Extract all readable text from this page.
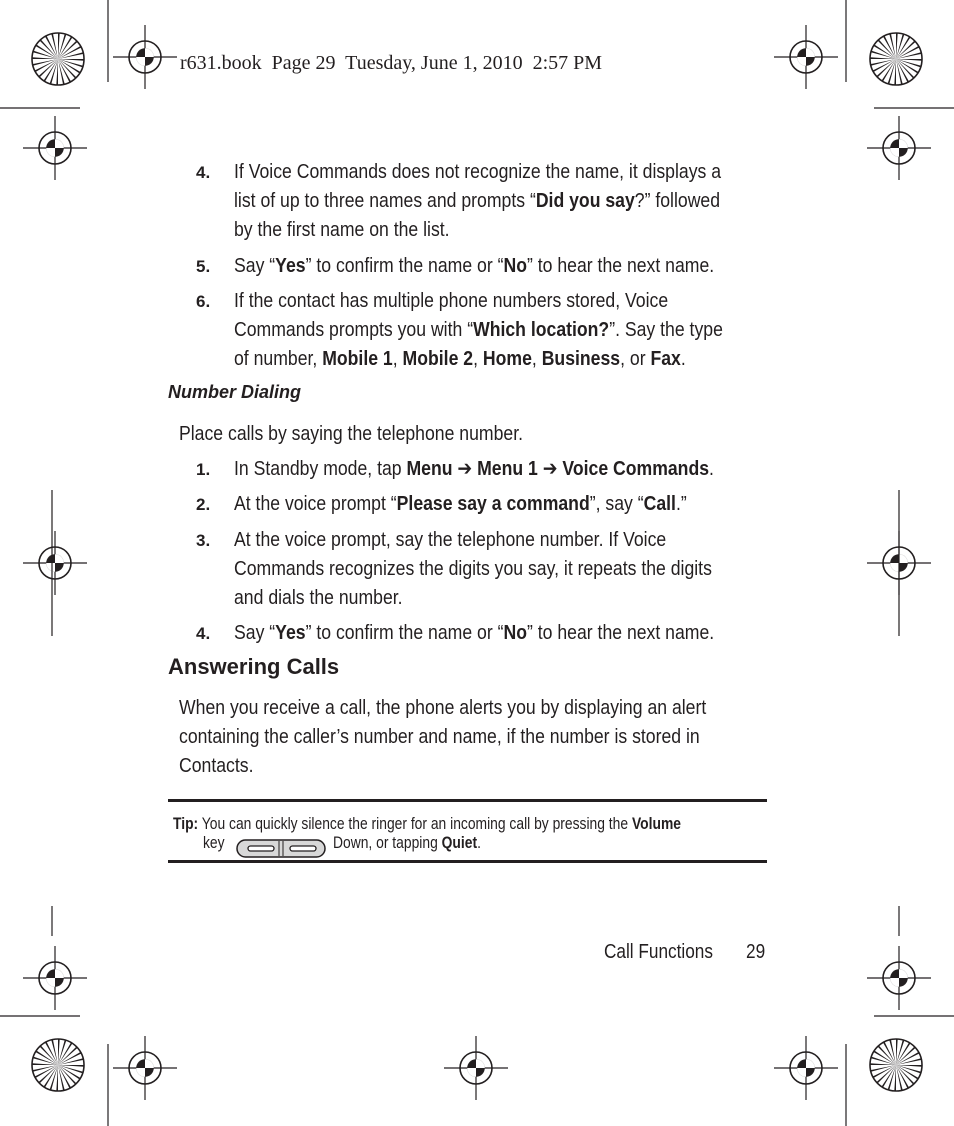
r631.book  Page 29  Tuesday, June 1, 2010  2:57 PM
4. If Voice Commands does not recognize the name, it displays a
list of up to three names and prompts “Did you say?” followed
by the first name on the list.
5. Say “Yes” to confirm the name or “No” to hear the next name.
6. If the contact has multiple phone numbers stored, Voice
Commands prompts you with “Which location?”. Say the type
of number, Mobile 1, Mobile 2, Home, Business, or Fax.
Number Dialing
Place calls by saying the telephone number.
1. In Standby mode, tap Menu ➔ Menu 1 ➔ Voice Commands.
2. At the voice prompt “Please say a command”, say “Call.”
3. At the voice prompt, say the telephone number. If Voice
Commands recognizes the digits you say, it repeats the digits
and dials the number.
4. Say “Yes” to confirm the name or “No” to hear the next name.
Answering Calls
When you receive a call, the phone alerts you by displaying an alert
containing the caller’s number and name, if the number is stored in
Contacts.
Tip: You can quickly silence the ringer for an incoming call by pressing the Volume
key	Down, or tapping Quiet.
Call Functions 29
